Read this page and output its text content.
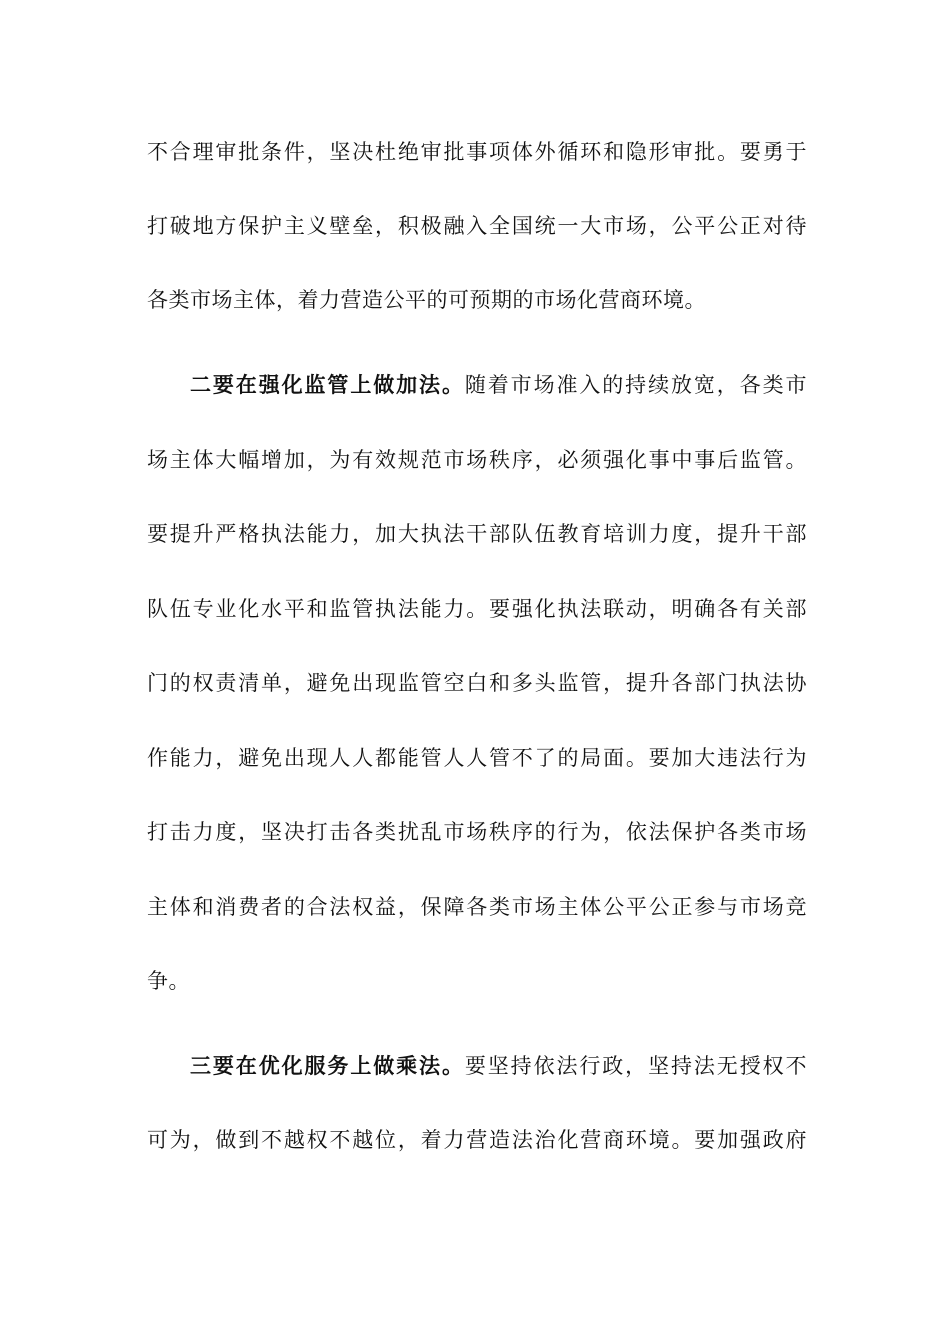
不合理审批条件，坚决杜绝审批事项体外循环和隐形审批。要勇于
打破地方保护主义壁垒，积极融入全国统一大市场，公平公正对待
各类市场主体，着力营造公平的可预期的市场化营商环境。
二要在强化监管上做加法。随着市场准入的持续放宽，各类市
场主体大幅增加，为有效规范市场秩序，必须强化事中事后监管。
要提升严格执法能力，加大执法干部队伍教育培训力度，提升干部
队伍专业化水平和监管执法能力。要强化执法联动，明确各有关部
门的权责清单，避免出现监管空白和多头监管，提升各部门执法协
作能力，避免出现人人都能管人人管不了的局面。要加大违法行为
打击力度，坚决打击各类扰乱市场秩序的行为，依法保护各类市场
主体和消费者的合法权益，保障各类市场主体公平公正参与市场竞
争。
三要在优化服务上做乘法。要坚持依法行政，坚持法无授权不
可为，做到不越权不越位，着力营造法治化营商环境。要加强政府
